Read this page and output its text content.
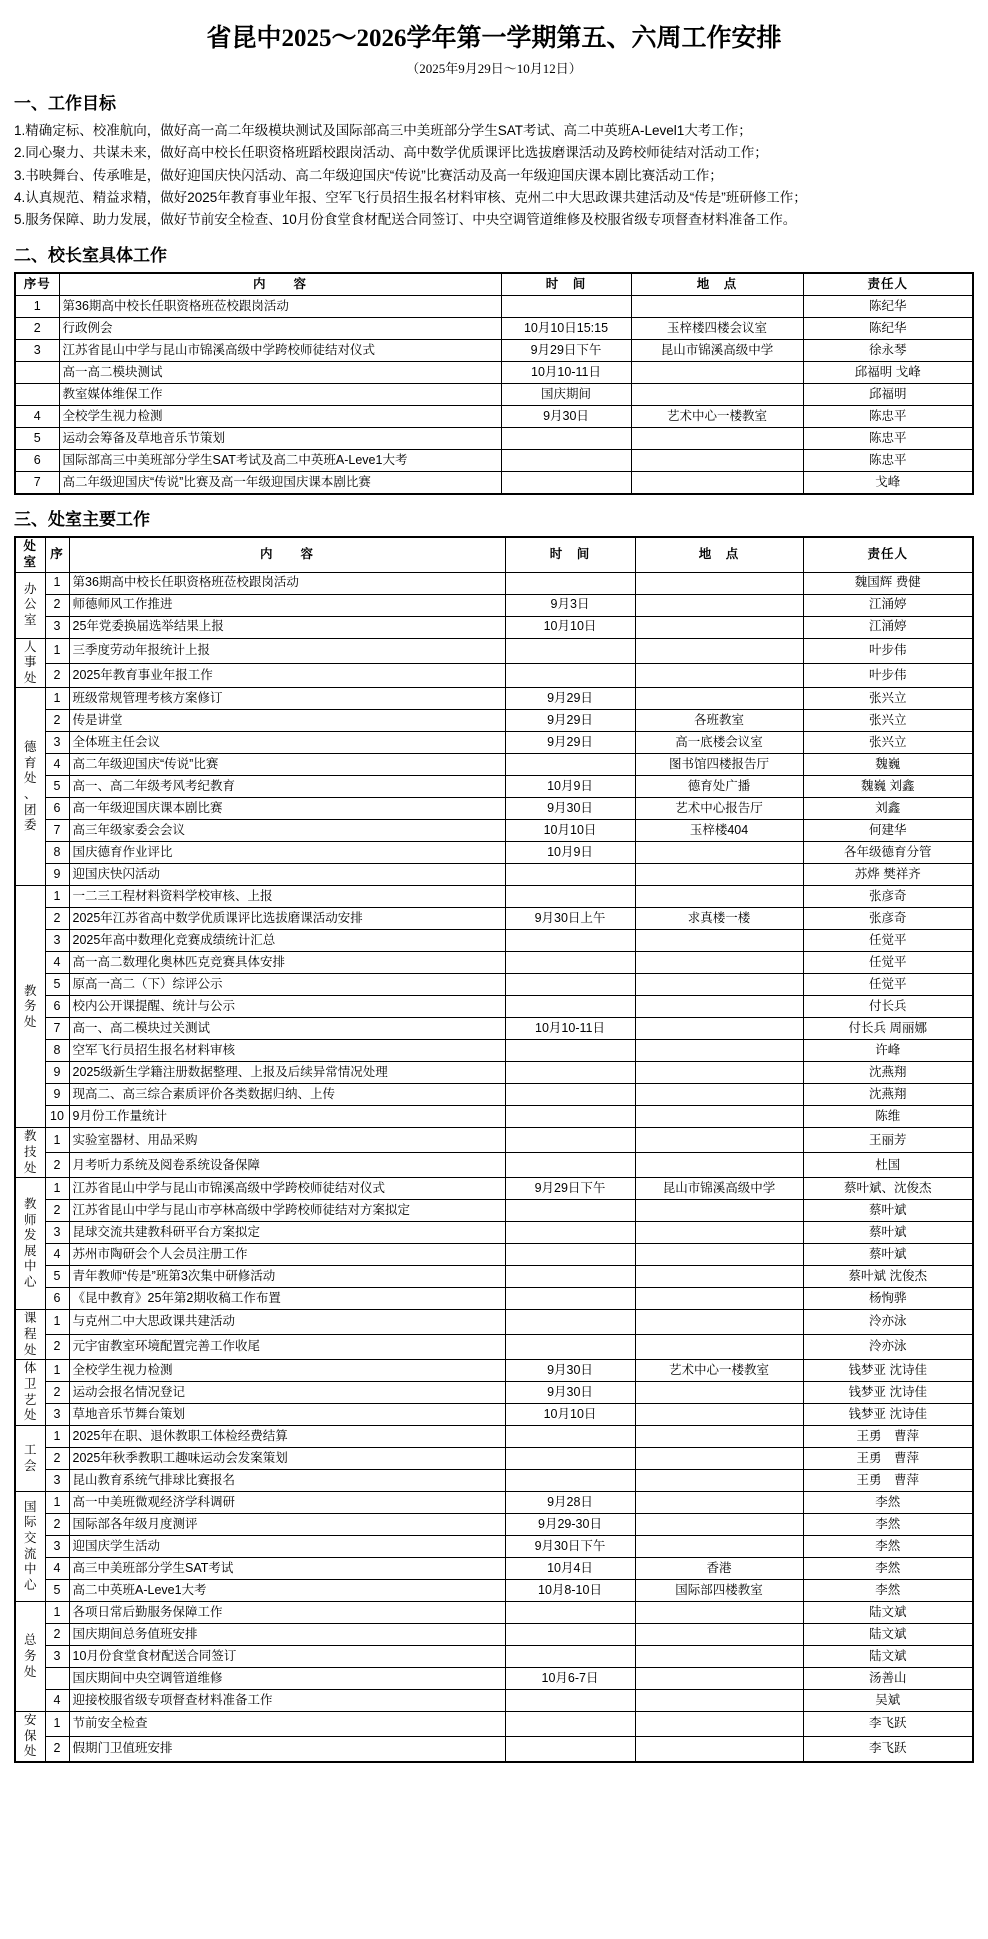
省昆中2025～2026学年第一学期第五、六周工作安排
（2025年9月29日～10月12日）
一、工作目标
1.精确定标、校准航向，做好高一高二年级模块测试及国际部高三中美班部分学生SAT考试、高二中英班A-Level1大考工作；
2.同心聚力、共谋未来，做好高中校长任职资格班蹈校跟岗活动、高中数学优质课评比选拔磨课活动及跨校师徒结对活动工作；
3.书映舞台、传承唯是，做好迎国庆快闪活动、高二年级迎国庆“传说”比赛活动及高一年级迎国庆课本剧比赛活动工作；
4.认真规范、精益求精，做好2025年教育事业年报、空军飞行员招生报名材料审核、克州二中大思政课共建活动及“传是”班研修工作；
5.服务保障、助力发展，做好节前安全检查、10月份食堂食材配送合同签订、中央空调管道维修及校服省级专项督查材料准备工作。
二、校长室具体工作
序号	内　　容	时　间	地　点	责任人
1	第36期高中校长任职资格班莅校跟岗活动			陈纪华
2	行政例会	10月10日15:15	玉梓楼四楼会议室	陈纪华
3	江苏省昆山中学与昆山市锦溪高级中学跨校师徒结对仪式	9月29日下午	昆山市锦溪高级中学	徐永琴
	高一高二模块测试	10月10-11日		邱福明 戈峰
	教室媒体维保工作	国庆期间		邱福明
4	全校学生视力检测	9月30日	艺术中心一楼教室	陈忠平
5	运动会筹备及草地音乐节策划			陈忠平
6	国际部高三中美班部分学生SAT考试及高二中英班A-Leve1大考			陈忠平
7	高二年级迎国庆“传说”比赛及高一年级迎国庆课本剧比赛			戈峰
三、处室主要工作
处室	序	内　　容	时　间	地　点	责任人

办
公
室	1	第36期高中校长任职资格班莅校跟岗活动			魏国辉 费健
	2	师德师风工作推进	9月3日		江涌婷
	3	25年党委换届选举结果上报	10月10日		江涌婷

人
事
处	1	三季度劳动年报统计上报			叶步伟
	2	2025年教育事业年报工作			叶步伟

德
育
处
、
团
委
	1	班级常规管理考核方案修订	9月29日		张兴立
	2	传是讲堂	9月29日	各班教室	张兴立
	3	全体班主任会议	9月29日	高一底楼会议室	张兴立
	4	高二年级迎国庆“传说”比赛		图书馆四楼报告厅	魏巍
	5	高一、高二年级考风考纪教育	10月9日	德育处广播	魏巍 刘鑫
	6	高一年级迎国庆课本剧比赛	9月30日	艺术中心报告厅	刘鑫
	7	高三年级家委会会议	10月10日	玉梓楼404	何建华
	8	国庆德育作业评比	10月9日		各年级德育分管
	9	迎国庆快闪活动			苏烨 樊祥齐

教
务
处	1	一二三工程材料资料学校审核、上报			张彦奇
	2	2025年江苏省高中数学优质课评比选拔磨课活动安排	9月30日上午	求真楼一楼	张彦奇
	3	2025年高中数理化竞赛成绩统计汇总			任觉平
	4	高一高二数理化奥林匹克竞赛具体安排			任觉平
	5	原高一高二（下）综评公示			任觉平
	6	校内公开课提醒、统计与公示			付长兵
	7	高一、高二模块过关测试	10月10-11日		付长兵 周丽娜
	8	空军飞行员招生报名材料审核			许峰
	9	2025级新生学籍注册数据整理、上报及后续异常情况处理			沈燕翔
	9	现高二、高三综合素质评价各类数据归纳、上传			沈燕翔
	10	9月份工作量统计			陈维

教
技
处	1	实验室器材、用品采购			王丽芳
	2	月考听力系统及阅卷系统设备保障			杜国

教
师
发
展
中
心
	1	江苏省昆山中学与昆山市锦溪高级中学跨校师徒结对仪式	9月29日下午	昆山市锦溪高级中学	蔡叶斌、沈俊杰
	2	江苏省昆山中学与昆山市亭林高级中学跨校师徒结对方案拟定			蔡叶斌
	3	昆球交流共建教科研平台方案拟定			蔡叶斌
	4	苏州市陶研会个人会员注册工作			蔡叶斌
	5	青年教师“传是”班第3次集中研修活动			蔡叶斌 沈俊杰
	6	《昆中教育》25年第2期收稿工作布置			杨恂骅

课
程
处	1	与克州二中大思政课共建活动			泠亦泳
	2	元宇宙教室环境配置完善工作收尾			泠亦泳

体
卫
艺
处	1	全校学生视力检测	9月30日	艺术中心一楼教室	钱梦亚 沈诗佳
	2	运动会报名情况登记	9月30日		钱梦亚 沈诗佳
	3	草地音乐节舞台策划	10月10日		钱梦亚 沈诗佳

工
会	1	2025年在职、退休教职工体检经费结算			王勇　曹萍
	2	2025年秋季教职工趣味运动会发案策划			王勇　曹萍
	3	昆山教育系统气排球比赛报名			王勇　曹萍

国
际
交
流
中
心
	1	高一中美班微观经济学科调研	9月28日		李然
	2	国际部各年级月度测评	9月29-30日		李然
	3	迎国庆学生活动	9月30日下午		李然
	4	高三中美班部分学生SAT考试	10月4日	香港	李然
	5	高二中英班A-Leve1大考	10月8-10日	国际部四楼教室	李然

总
务
处	1	各项日常后勤服务保障工作			陆文斌
	2	国庆期间总务值班安排			陆文斌
	3	10月份食堂食材配送合同签订			陆文斌
		国庆期间中央空调管道维修	10月6-7日		汤善山
	4	迎接校服省级专项督查材料准备工作			吴斌

安
保
处	1	节前安全检查			李飞跃
	2	假期门卫值班安排			李飞跃
